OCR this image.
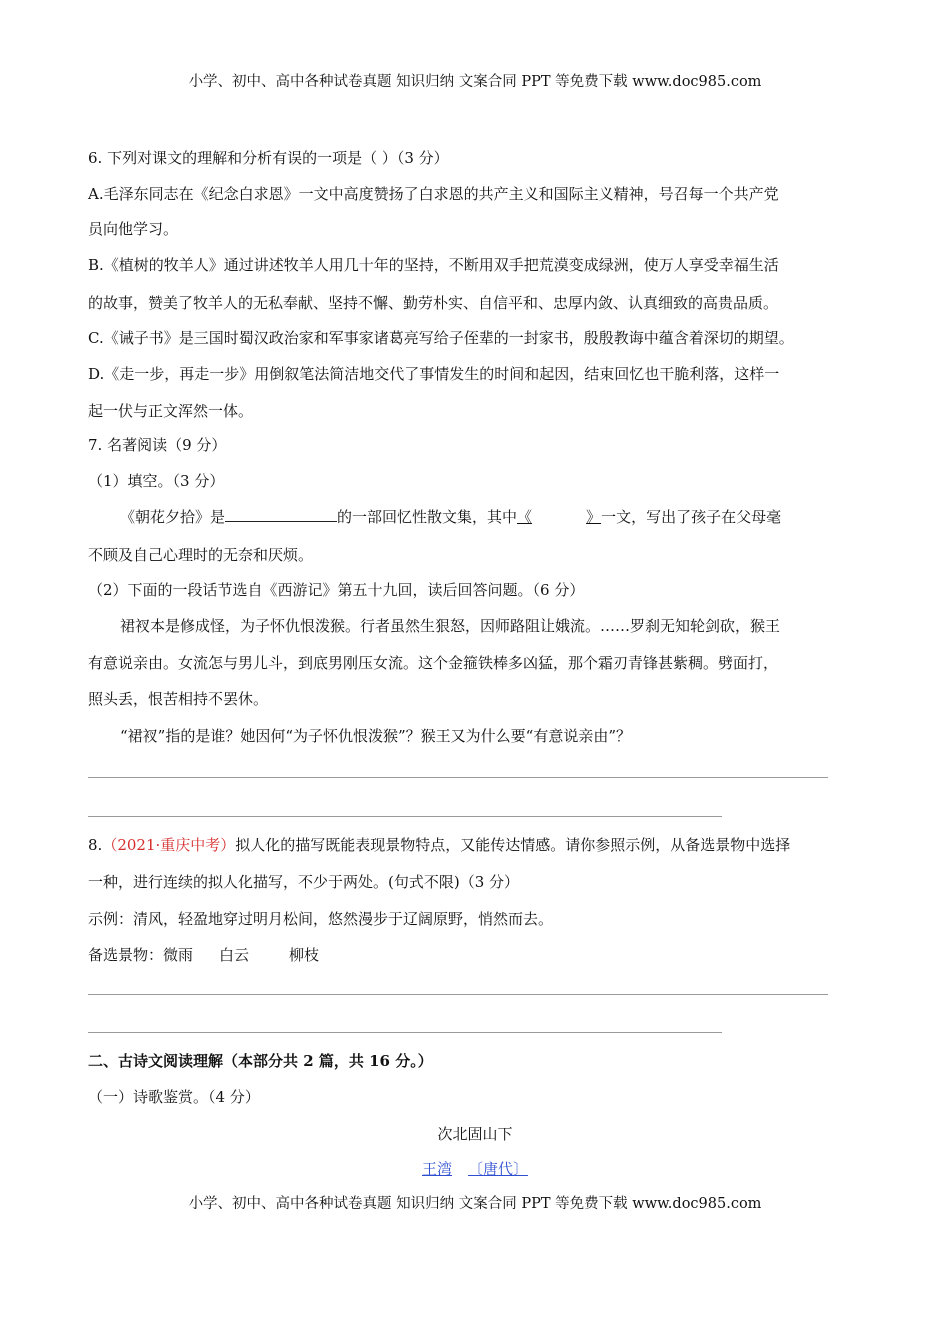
小学、初中、高中各种试卷真题 知识归纳 文案合同 PPT 等免费下载 www.doc985.com
6. 下列对课文的理解和分析有误的一项是（ ）（3 分）
A.毛泽东同志在《纪念白求恩》一文中高度赞扬了白求恩的共产主义和国际主义精神，号召每一个共产党
员向他学习。
B.《植树的牧羊人》通过讲述牧羊人用几十年的坚持，不断用双手把荒漠变成绿洲，使万人享受幸福生活
的故事，赞美了牧羊人的无私奉献、坚持不懈、勤劳朴实、自信平和、忠厚内敛、认真细致的高贵品质。
C.《诫子书》是三国时蜀汉政治家和军事家诸葛亮写给子侄辈的一封家书，殷殷教诲中蕴含着深切的期望。
D.《走一步，再走一步》用倒叙笔法简洁地交代了事情发生的时间和起因，结束回忆也干脆利落，这样一
起一伏与正文浑然一体。
7. 名著阅读（9 分）
（1）填空。（3 分）
《朝花夕拾》是	的一部回忆性散文集，其中《	》一文，写出了孩子在父母毫
不顾及自己心理时的无奈和厌烦。
（2）下面的一段话节选自《西游记》第五十九回，读后回答问题。（6 分）
裙衩本是修成怪，为子怀仇恨泼猴。行者虽然生狠怒，因师路阻让娥流。……罗刹无知轮剑砍，猴王
有意说亲由。女流怎与男儿斗，到底男刚压女流。这个金箍铁棒多凶猛，那个霜刃青锋甚紫稠。劈面打，
照头丢，恨苦相持不罢休。
“裙衩”指的是谁？她因何“为子怀仇恨泼猴”？猴王又为什么要“有意说亲由”？
8.（2021·重庆中考）拟人化的描写既能表现景物特点，又能传达情感。请你参照示例，从备选景物中选择
一种，进行连续的拟人化描写，不少于两处。(句式不限)（3 分）
示例：清风，轻盈地穿过明月松间，悠然漫步于辽阔原野，悄然而去。
备选景物：微雨 白云	柳枝
二、古诗文阅读理解（本部分共 2 篇，共 16 分。）
（一）诗歌鉴赏。（4 分）
次北固山下
王湾 〔唐代〕
小学、初中、高中各种试卷真题 知识归纳 文案合同 PPT 等免费下载 www.doc985.com
